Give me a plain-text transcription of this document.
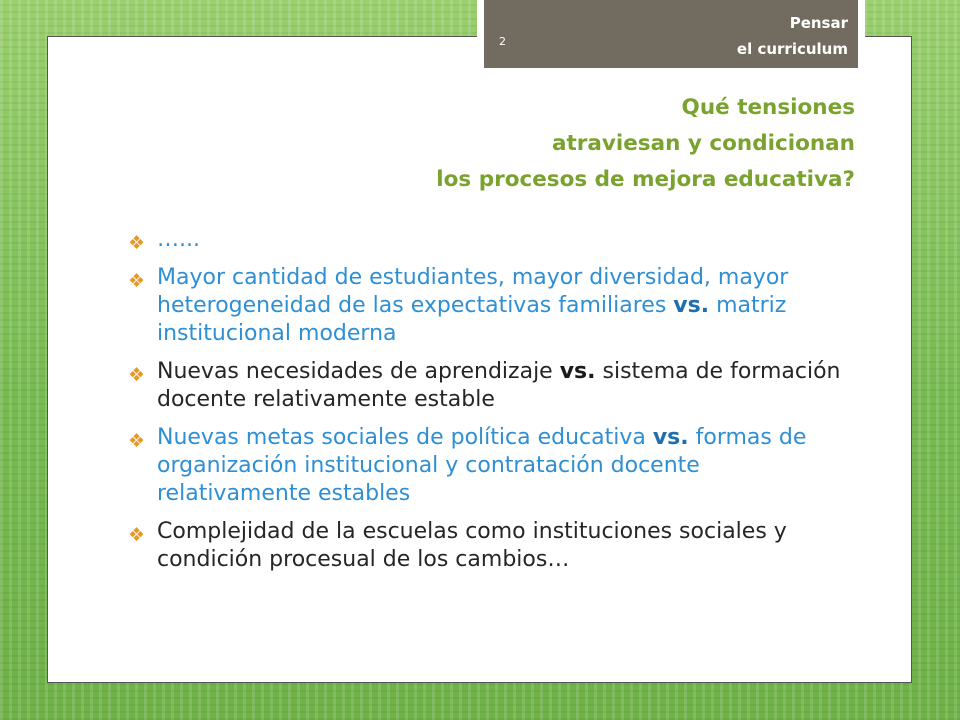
2
Pensar
el curriculum
Qué tensiones
atraviesan y condicionan
los procesos de mejora educativa?
❖ …...
❖ Mayor cantidad de estudiantes, mayor diversidad, mayor heterogeneidad de las expectativas familiares vs. matriz institucional moderna
❖ Nuevas necesidades de aprendizaje vs. sistema de formación docente relativamente estable
❖ Nuevas metas sociales de política educativa vs. formas de organización institucional y contratación docente relativamente estables
❖ Complejidad de la escuelas como instituciones sociales y condición procesual de los cambios…
